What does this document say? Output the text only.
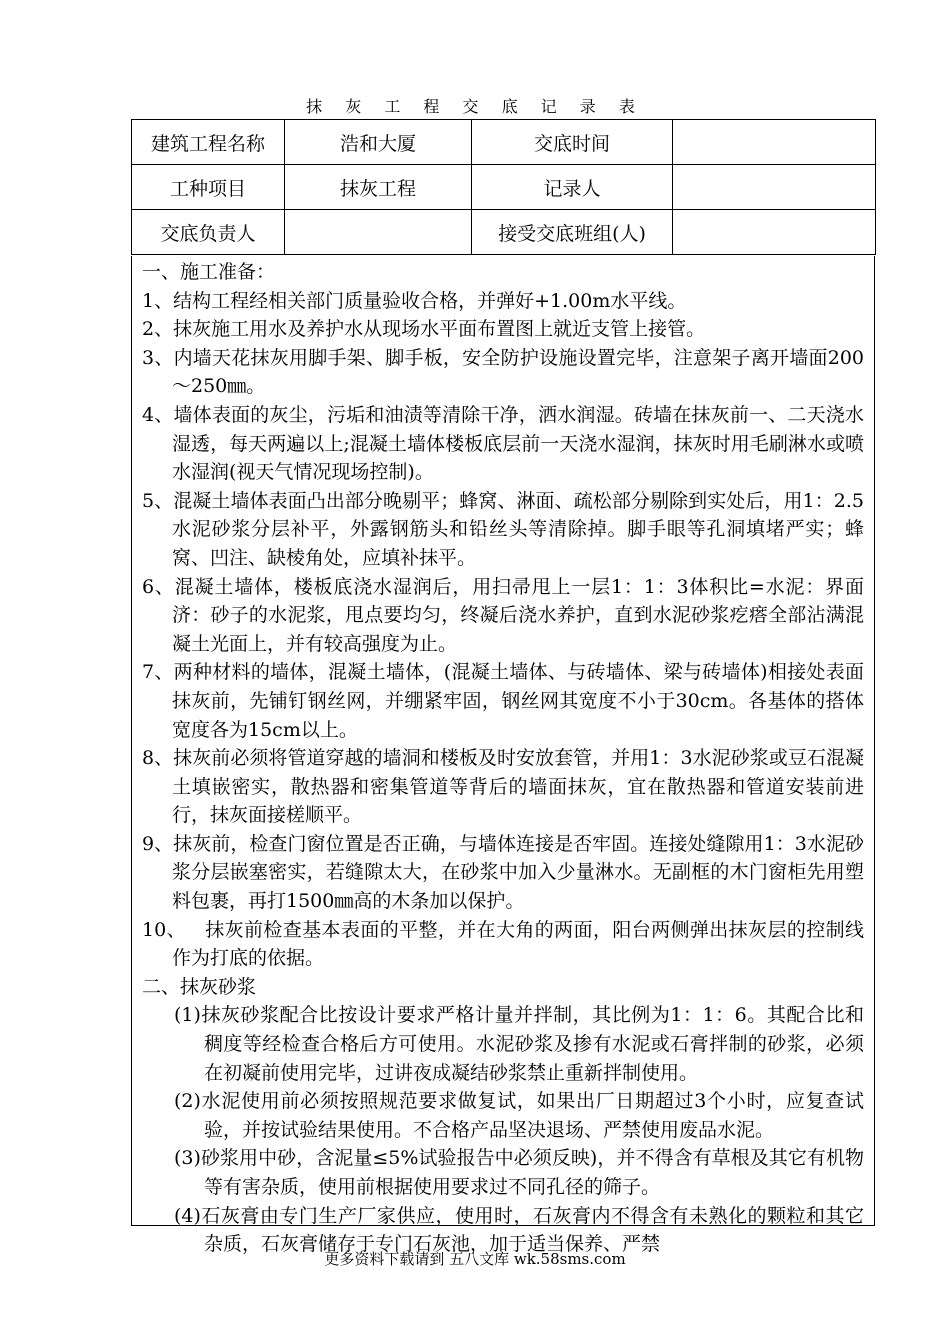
抹 灰 工 程 交 底 记 录 表
建筑工程名称	浩和大厦	交底时间	
工种项目	抹灰工程	记录人	
交底负责人		接受交底班组(人)	

一、施工准备：

1、结构工程经相关部门质量验收合格，并弹好+1.00m水平线。

2、抹灰施工用水及养护水从现场水平面布置图上就近支管上接管。

3、内墙天花抹灰用脚手架、脚手板，安全防护设施设置完毕，注意架子离开墙面200～250㎜。

4、墙体表面的灰尘，污垢和油渍等清除干净，洒水润湿。砖墙在抹灰前一、二天浇水湿透，每天两遍以上;混凝土墙体楼板底层前一天浇水湿润，抹灰时用毛刷淋水或喷水湿润(视天气情况现场控制)。

5、混凝土墙体表面凸出部分晚剔平；蜂窝、淋面、疏松部分剔除到实处后，用1：2.5水泥砂浆分层补平，外露钢筋头和铅丝头等清除掉。脚手眼等孔洞填堵严实；蜂窝、凹注、缺棱角处，应填补抹平。

6、混凝土墙体，楼板底浇水湿润后，用扫帚甩上一层1：1：3体积比=水泥：界面济：砂子的水泥浆，甩点要均匀，终凝后浇水养护，直到水泥砂浆疙瘩全部沾满混凝土光面上，并有较高强度为止。

7、两种材料的墙体，混凝土墙体，(混凝土墙体、与砖墙体、梁与砖墙体)相接处表面抹灰前，先铺钉钢丝网，并绷紧牢固，钢丝网其宽度不小于30cm。各基体的搭体宽度各为15cm以上。

8、抹灰前必须将管道穿越的墙洞和楼板及时安放套管，并用1：3水泥砂浆或豆石混凝土填嵌密实，散热器和密集管道等背后的墙面抹灰，宜在散热器和管道安装前进行，抹灰面接槎顺平。

9、抹灰前，检查门窗位置是否正确，与墙体连接是否牢固。连接处缝隙用1：3水泥砂浆分层嵌塞密实，若缝隙太大，在砂浆中加入少量淋水。无副框的木门窗柜先用塑料包裹，再打1500㎜高的木条加以保护。

10、   抹灰前检查基本表面的平整，并在大角的两面，阳台两侧弹出抹灰层的控制线作为打底的依据。

二、抹灰砂浆

(1)抹灰砂浆配合比按设计要求严格计量并拌制，其比例为1：1：6。其配合比和稠度等经检查合格后方可使用。水泥砂浆及掺有水泥或石膏拌制的砂浆，必须在初凝前使用完毕，过讲夜成凝结砂浆禁止重新拌制使用。

(2)水泥使用前必须按照规范要求做复试，如果出厂日期超过3个小时，应复查试验，并按试验结果使用。不合格产品坚决退场、严禁使用废品水泥。

(3)砂浆用中砂，含泥量≤5%试验报告中必须反映)，并不得含有草根及其它有机物等有害杂质，使用前根据使用要求过不同孔径的筛子。

(4)石灰膏由专门生产厂家供应，使用时，石灰膏内不得含有未熟化的颗粒和其它杂质，石灰膏储存于专门石灰池，加于适当保养、严禁

更多资料下载请到 五八文库 wk.58sms.com
